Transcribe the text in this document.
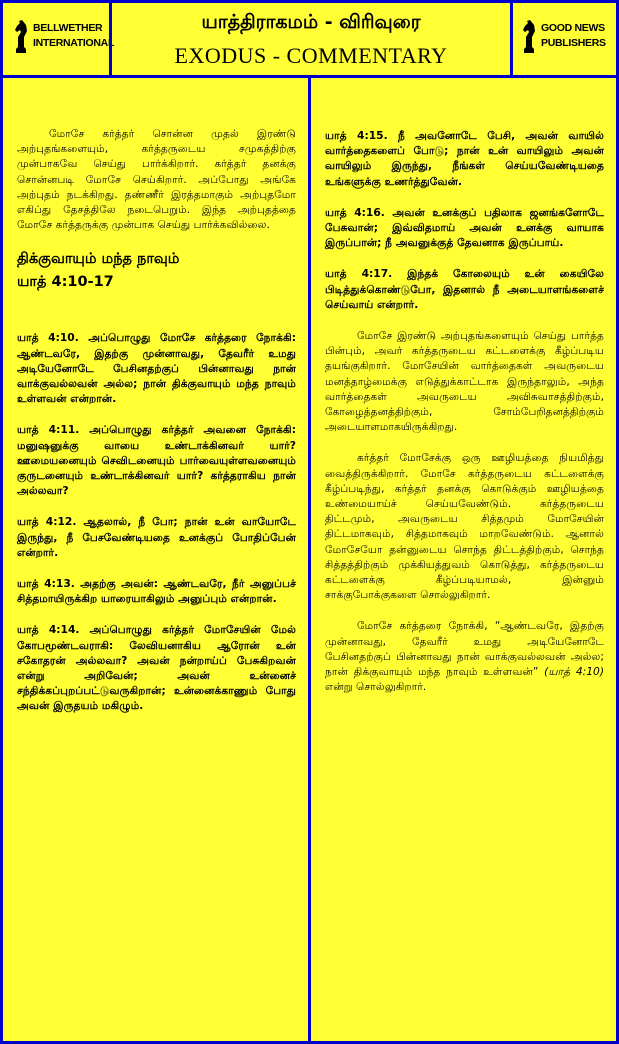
BELLWETHER
INTERNATIONAL
யாத்திராகமம் - விரிவுரை
EXODUS - COMMENTARY
GOOD NEWS
PUBLISHERS

மோசே கர்த்தர் சொன்ன முதல் இரண்டு அற்புதங்களையும், கர்த்தருடைய சமுகத்திற்கு முன்பாகவே செய்து பார்க்கிறார். கர்த்தர் தனக்கு சொன்னபடி மோசே செய்கிறார். அப்போது அங்கே அற்புதம் நடக்கிறது. தண்ணீர் இரத்தமாகும் அற்புதமோ எகிப்து தேசத்திலே நடைபெறும். இந்த அற்புதத்தை மோசே கர்த்தருக்கு முன்பாக செய்து பார்க்கவில்லை.

திக்குவாயும் மந்த நாவும்
யாத் 4:10-17

யாத் 4:10. அப்பொழுது மோசே கர்த்தரை நோக்கி: ஆண்டவரே, இதற்கு முன்னாவது, தேவரீர் உமது அடியேனோடே பேசினதற்குப் பின்னாவது நான் வாக்குவல்லவன் அல்ல; நான் திக்குவாயும் மந்த நாவும் உள்ளவன் என்றான்.

யாத் 4:11. அப்பொழுது கர்த்தர் அவனை நோக்கி: மனுஷனுக்கு வாயை உண்டாக்கினவர் யார்? ஊமையனையும் செவிடனையும் பார்வையுள்ளவனையும் குருடனையும் உண்டாக்கினவர் யார்? கர்த்தராகிய நான் அல்லவா?

யாத் 4:12. ஆதலால், நீ போ; நான் உன் வாயோடே இருந்து, நீ பேசவேண்டியதை உனக்குப் போதிப்பேன் என்றார்.

யாத் 4:13. அதற்கு அவன்: ஆண்டவரே, நீர் அனுப்பச் சித்தமாயிருக்கிற யாரையாகிலும் அனுப்பும் என்றான்.

யாத் 4:14. அப்பொழுது கர்த்தர் மோசேயின் மேல் கோபமூண்டவராகி: லேவியனாகிய ஆரோன் உன் சகோதரன் அல்லவா? அவன் நன்றாய்ப் பேசுகிறவன் என்று அறிவேன்; அவன் உன்னைச் சந்திக்கப்புறப்பட்டுவருகிறான்; உன்னைக்காணும் போது அவன் இருதயம் மகிழும்.

யாத் 4:15. நீ அவனோடே பேசி, அவன் வாயில் வார்த்தைகளைப் போடு; நான் உன் வாயிலும் அவன் வாயிலும் இருந்து, நீங்கள் செய்யவேண்டியதை உங்களுக்கு உணர்த்துவேன்.

யாத் 4:16. அவன் உனக்குப் பதிலாக ஜனங்களோடே பேசுவான்; இவ்விதமாய் அவன் உனக்கு வாயாக இருப்பான்; நீ அவனுக்குத் தேவனாக இருப்பாய்.

யாத் 4:17. இந்தக் கோலையும் உன் கையிலே பிடித்துக்கொண்டுபோ, இதனால் நீ அடையாளங்களைச் செய்வாய் என்றார்.

மோசே இரண்டு அற்புதங்களையும் செய்து பார்த்த பின்பும், அவர் கர்த்தருடைய கட்டளைக்கு கீழ்ப்படிய தயங்குகிறார். மோசேயின் வார்த்தைகள் அவருடைய மனத்தாழ்மைக்கு எடுத்துக்காட்டாக இருந்தாலும், அந்த வார்த்தைகள் அவருடைய அவிசுவாசத்திற்கும், கோழைத்தனத்திற்கும், சோம்பேறிதனத்திற்கும் அடையாளமாகயிருக்கிறது.

கர்த்தர் மோசேக்கு ஒரு ஊழியத்தை நியமித்து வைத்திருக்கிறார். மோசே கர்த்தருடைய கட்டளைக்கு கீழ்ப்படிந்து, கர்த்தர் தனக்கு கொடுக்கும் ஊழியத்தை உண்மையாய்ச் செய்யவேண்டும். கர்த்தருடைய திட்டமும், அவருடைய சித்தமும் மோசேயின் திட்டமாகவும், சித்தமாகவும் மாறவேண்டும். ஆனால் மோசேயோ தன்னுடைய சொந்த திட்டத்திற்கும், சொந்த சித்தத்திற்கும் முக்கியத்துவம் கொடுத்து, கர்த்தருடைய கட்டளைக்கு கீழ்ப்படியாமல், இன்னும் சாக்குபோக்குகளை சொல்லுகிறார்.

மோசே கர்த்தரை நோக்கி, “ஆண்டவரே, இதற்கு முன்னாவது, தேவரீர் உமது அடியேனோடே பேசினதற்குப் பின்னாவது நான் வாக்குவல்லவன் அல்ல; நான் திக்குவாயும் மந்த நாவும் உள்ளவன்” (யாத் 4:10) என்று சொல்லுகிறார்.
